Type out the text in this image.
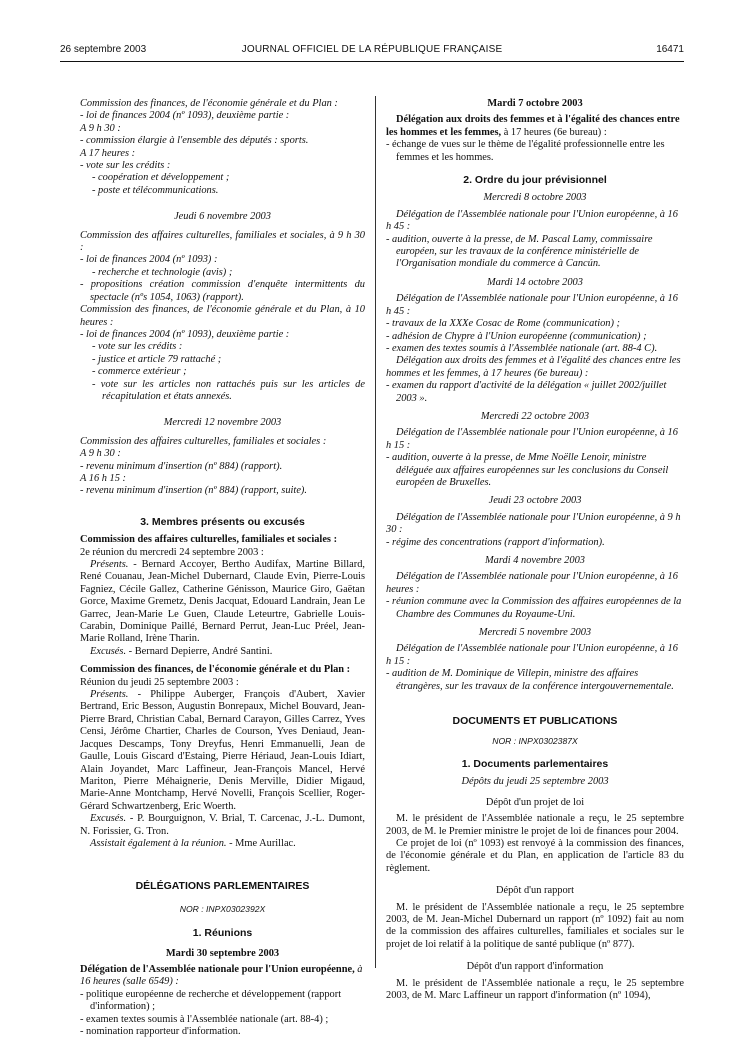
26 septembre 2003	JOURNAL OFFICIEL DE LA RÉPUBLIQUE FRANÇAISE	16471

Commission des finances, de l'économie générale et du Plan :

- loi de finances 2004 (nº 1093), deuxième partie :

A 9 h 30 :

- commission élargie à l'ensemble des députés : sports.

A 17 heures :

- vote sur les crédits :

- coopération et développement ;

- poste et télécommunications.

Jeudi 6 novembre 2003

Commission des affaires culturelles, familiales et sociales, à 9 h 30 :

- loi de finances 2004 (nº 1093) :

- recherche et technologie (avis) ;

- propositions création commission d'enquête intermittents du spectacle (nºs 1054, 1063) (rapport).

Commission des finances, de l'économie générale et du Plan, à 10 heures :

- loi de finances 2004 (nº 1093), deuxième partie :

- vote sur les crédits :

- justice et article 79 rattaché ;

- commerce extérieur ;

- vote sur les articles non rattachés puis sur les articles de récapitulation et états annexés.

Mercredi 12 novembre 2003

Commission des affaires culturelles, familiales et sociales :

A 9 h 30 :

- revenu minimum d'insertion (nº 884) (rapport).

A 16 h 15 :

- revenu minimum d'insertion (nº 884) (rapport, suite).

3. Membres présents ou excusés

Commission des affaires culturelles, familiales et sociales :

2e réunion du mercredi 24 septembre 2003 :

Présents. - Bernard Accoyer, Bertho Audifax, Martine Billard, René Couanau, Jean-Michel Dubernard, Claude Evin, Pierre-Louis Fagniez, Cécile Gallez, Catherine Génisson, Maurice Giro, Gaëtan Gorce, Maxime Gremetz, Denis Jacquat, Edouard Landrain, Jean Le Garrec, Jean-Marie Le Guen, Claude Leteurtre, Gabrielle Louis-Carabin, Dominique Paillé, Bernard Perrut, Jean-Luc Préel, Jean-Marie Rolland, Irène Tharin.

Excusés. - Bernard Depierre, André Santini.

Commission des finances, de l'économie générale et du Plan :

Réunion du jeudi 25 septembre 2003 :

Présents. - Philippe Auberger, François d'Aubert, Xavier Bertrand, Eric Besson, Augustin Bonrepaux, Michel Bouvard, Jean-Pierre Brard, Christian Cabal, Bernard Carayon, Gilles Carrez, Yves Censi, Jérôme Chartier, Charles de Courson, Yves Deniaud, Jean-Jacques Descamps, Tony Dreyfus, Henri Emmanuelli, Jean de Gaulle, Louis Giscard d'Estaing, Pierre Hériaud, Jean-Louis Idiart, Alain Joyandet, Marc Laffineur, Jean-François Mancel, Hervé Mariton, Pierre Méhaignerie, Denis Merville, Didier Migaud, Marie-Anne Montchamp, Hervé Novelli, François Scellier, Roger-Gérard Schwartzenberg, Eric Woerth.

Excusés. - P. Bourguignon, V. Brial, T. Carcenac, J.-L. Dumont, N. Forissier, G. Tron.

Assistait également à la réunion. - Mme Aurillac.

DÉLÉGATIONS PARLEMENTAIRES

NOR : INPX0302392X

1. Réunions

Mardi 30 septembre 2003

Délégation de l'Assemblée nationale pour l'Union européenne, à 16 heures (salle 6549) :

- politique européenne de recherche et développement (rapport d'information) ;

- examen textes soumis à l'Assemblée nationale (art. 88-4) ;

- nomination rapporteur d'information.

Mardi 7 octobre 2003

Délégation aux droits des femmes et à l'égalité des chances entre les hommes et les femmes, à 17 heures (6e bureau) :

- échange de vues sur le thème de l'égalité professionnelle entre les femmes et les hommes.

2. Ordre du jour prévisionnel

Mercredi 8 octobre 2003

Délégation de l'Assemblée nationale pour l'Union européenne, à 16 h 45 :

- audition, ouverte à la presse, de M. Pascal Lamy, commissaire européen, sur les travaux de la conférence ministérielle de l'Organisation mondiale du commerce à Cancún.

Mardi 14 octobre 2003

Délégation de l'Assemblée nationale pour l'Union européenne, à 16 h 45 :

- travaux de la XXXe Cosac de Rome (communication) ;

- adhésion de Chypre à l'Union européenne (communication) ;

- examen des textes soumis à l'Assemblée nationale (art. 88-4 C).

Délégation aux droits des femmes et à l'égalité des chances entre les hommes et les femmes, à 17 heures (6e bureau) :

- examen du rapport d'activité de la délégation « juillet 2002/juillet 2003 ».

Mercredi 22 octobre 2003

Délégation de l'Assemblée nationale pour l'Union européenne, à 16 h 15 :

- audition, ouverte à la presse, de Mme Noëlle Lenoir, ministre déléguée aux affaires européennes sur les conclusions du Conseil européen de Bruxelles.

Jeudi 23 octobre 2003

Délégation de l'Assemblée nationale pour l'Union européenne, à 9 h 30 :

- régime des concentrations (rapport d'information).

Mardi 4 novembre 2003

Délégation de l'Assemblée nationale pour l'Union européenne, à 16 heures :

- réunion commune avec la Commission des affaires européennes de la Chambre des Communes du Royaume-Uni.

Mercredi 5 novembre 2003

Délégation de l'Assemblée nationale pour l'Union européenne, à 16 h 15 :

- audition de M. Dominique de Villepin, ministre des affaires étrangères, sur les travaux de la conférence intergouvernementale.

DOCUMENTS ET PUBLICATIONS

NOR : INPX0302387X

1. Documents parlementaires

Dépôts du jeudi 25 septembre 2003

Dépôt d'un projet de loi

M. le président de l'Assemblée nationale a reçu, le 25 septembre 2003, de M. le Premier ministre le projet de loi de finances pour 2004.

Ce projet de loi (nº 1093) est renvoyé à la commission des finances, de l'économie générale et du Plan, en application de l'article 83 du règlement.

Dépôt d'un rapport

M. le président de l'Assemblée nationale a reçu, le 25 septembre 2003, de M. Jean-Michel Dubernard un rapport (nº 1092) fait au nom de la commission des affaires culturelles, familiales et sociales sur le projet de loi relatif à la politique de santé publique (nº 877).

Dépôt d'un rapport d'information

M. le président de l'Assemblée nationale a reçu, le 25 septembre 2003, de M. Marc Laffineur un rapport d'information (nº 1094),
